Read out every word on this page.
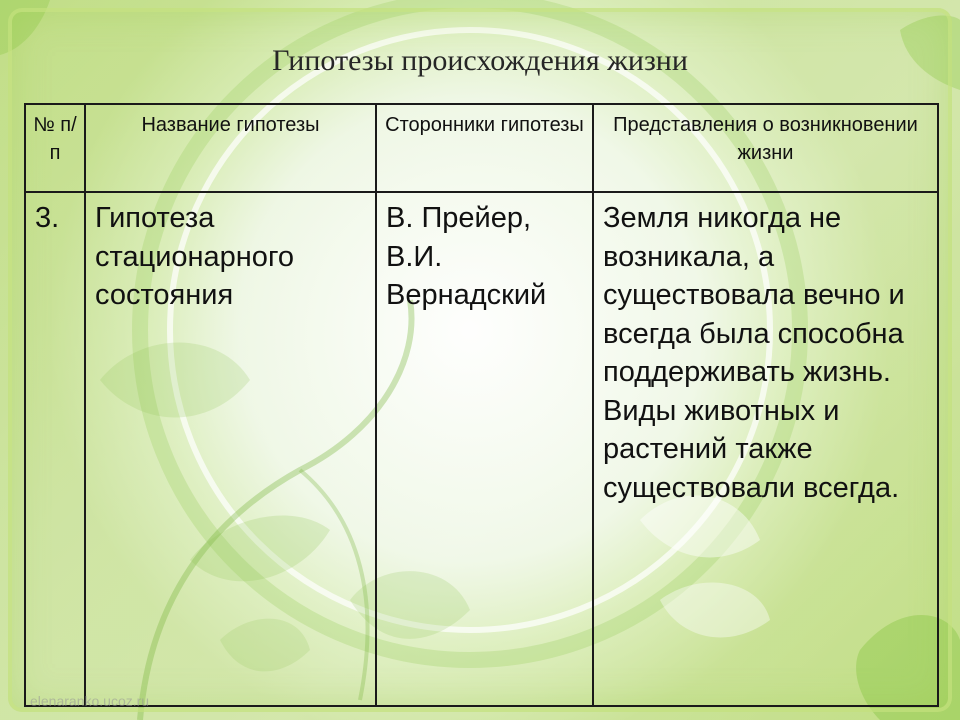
Гипотезы происхождения жизни
№ п/п	Название гипотезы	Сторонники гипотезы	Представления о возникновении жизни
3.	Гипотеза стационарного состояния	В. Прейер, В.И. Вернадский	Земля никогда не возникала, а существовала вечно и всегда была способна поддерживать жизнь. Виды животных и растений также существовали всегда.
elenaranko.ucoz.ru
